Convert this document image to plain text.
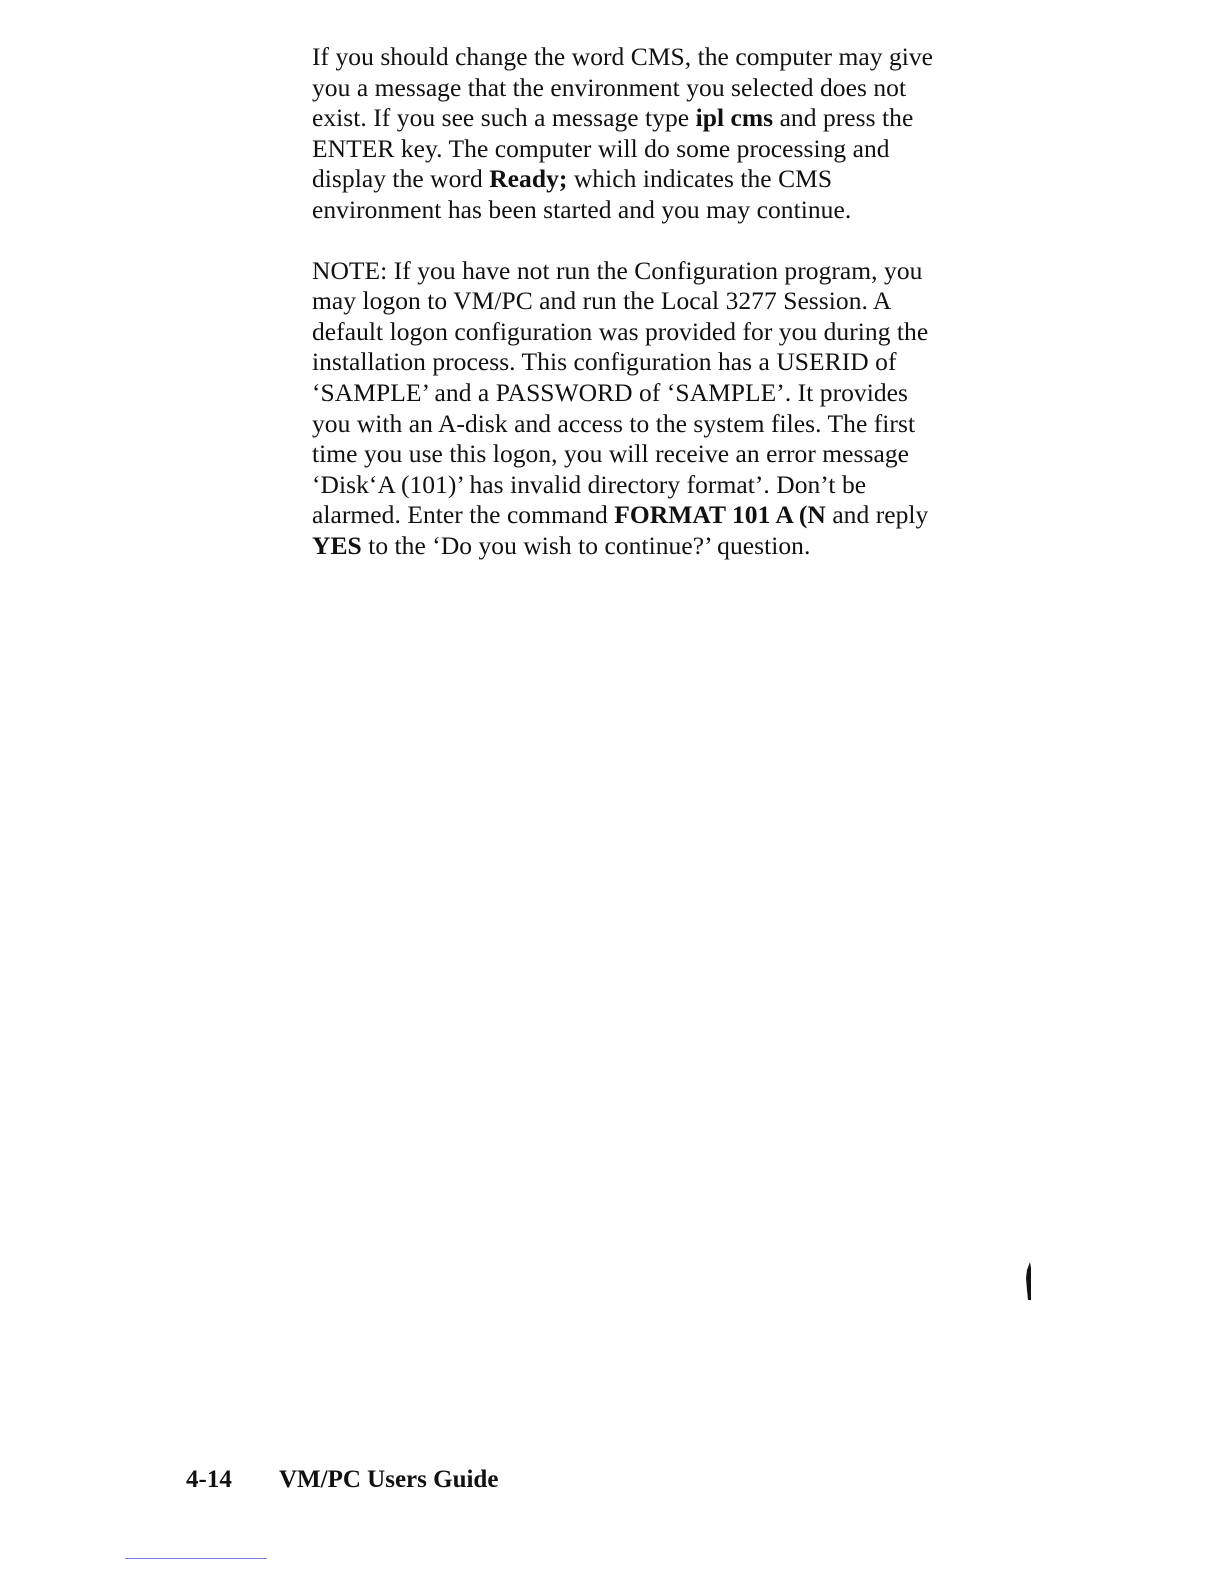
If you should change the word CMS, the computer may give
you a message that the environment you selected does not
exist. If you see such a message type ipl cms and press the
ENTER key. The computer will do some processing and
display the word Ready; which indicates the CMS
environment has been started and you may continue.

NOTE: If you have not run the Configuration program, you
may logon to VM/PC and run the Local 3277 Session. A
default logon configuration was provided for you during the
installation process. This configuration has a USERID of
‘SAMPLE’ and a PASSWORD of ‘SAMPLE’. It provides
you with an A-disk and access to the system files. The first
time you use this logon, you will receive an error message
‘Disk‘A (101)’ has invalid directory format’. Don’t be
alarmed. Enter the command FORMAT 101 A (N and reply
YES to the ‘Do you wish to continue?’ question.

4-14 VM/PC Users Guide
